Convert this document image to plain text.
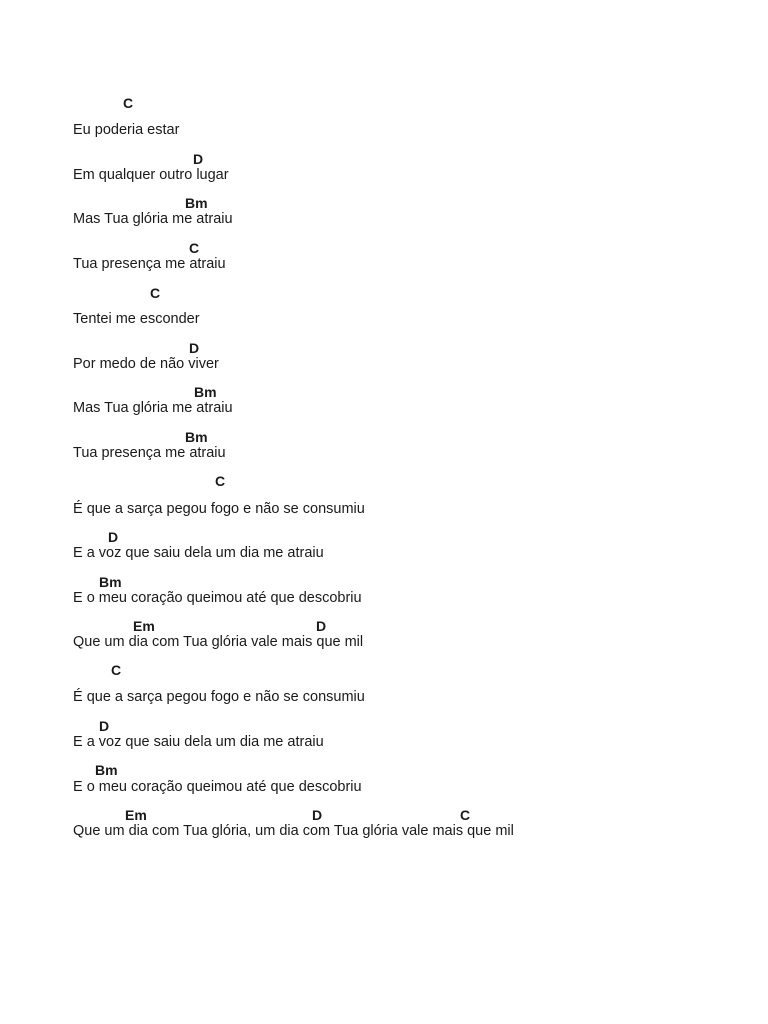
C
Eu poderia estar
D
Em qualquer outro lugar
Bm
Mas Tua glória me atraiu
C
Tua presença me atraiu
C
Tentei me esconder
D
Por medo de não viver
Bm
Mas Tua glória me atraiu
Bm
Tua presença me atraiu
C
É que a sarça pegou fogo e não se consumiu
D
E a voz que saiu dela um dia me atraiu
Bm
E o meu coração queimou até que descobriu
Em	D
Que um dia com Tua glória vale mais que mil
C
É que a sarça pegou fogo e não se consumiu
D
E a voz que saiu dela um dia me atraiu
Bm
E o meu coração queimou até que descobriu
Em	D	C
Que um dia com Tua glória, um dia com Tua glória vale mais que mil
